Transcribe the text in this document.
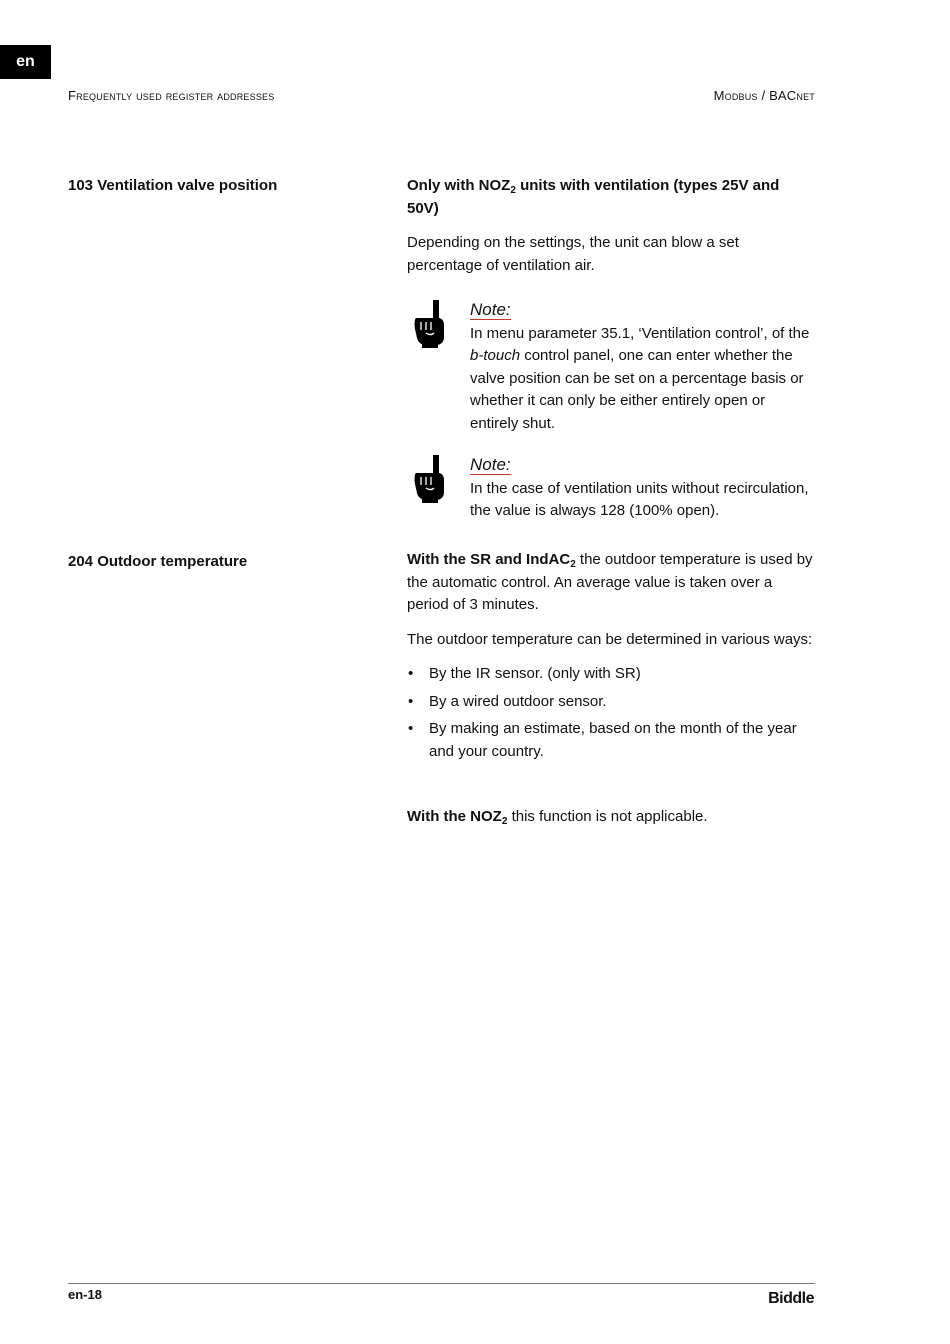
en
Frequently used register addresses	Modbus / BACnet
103 Ventilation valve position	Only with $NOZ_2$ units with ventilation (types 25V and 50V)

Depending on the settings, the unit can blow a set percentage of ventilation air.

Note:
In menu parameter 35.1, ‘Ventilation control’, of the b-touch control panel, one can enter whether the valve position can be set on a percentage basis or whether it can only be either entirely open or entirely shut.
Note:
In the case of ventilation units without recirculation, the value is always 128 (100% open).
204 Outdoor temperature	With the SR and IndAC$_2$ the outdoor temperature is used by the automatic control. An average value is taken over a period of 3 minutes.

The outdoor temperature can be determined in various ways:

• By the IR sensor. (only with SR)
• By a wired outdoor sensor.
• By making an estimate, based on the month of the year and your country.

With the $NOZ_2$ this function is not applicable.

en-18	Biddle
